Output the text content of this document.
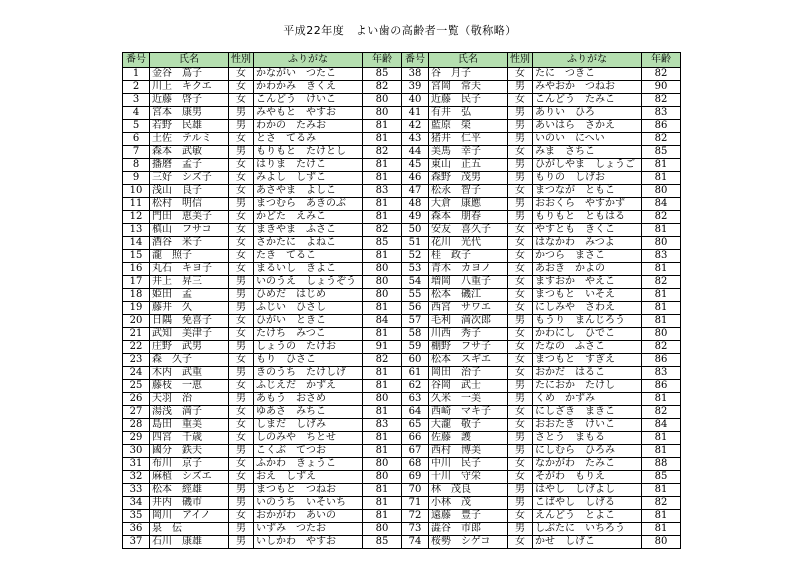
平成22年度　よい歯の高齢者一覧（敬称略）
番号	氏名	性別	ふりがな	年齢
1	金谷　蔦子	女	かながい　つたこ	85
2	川上　キクエ	女	かわかみ　きくえ	82
3	近藤　啓子	女	こんどう　けいこ	80
4	宮本　康男	男	みやもと　やすお	80
5	若野　民雄	男	わかの　たみお	81
6	土佐　テルミ	女	とさ　てるみ	81
7	森本　武敏	男	もりもと　たけとし	82
8	播磨　孟子	女	はりま　たけこ	81
9	三好　シズ子	女	みよし　しずこ	81
10	浅山　良子	女	あさやま　よしこ	83
11	松村　明信	男	まつむら　あきのぶ	81
12	門田　恵美子	女	かどた　えみこ	81
13	槙山　フサコ	女	まきやま　ふさこ	82
14	酒谷　米子	女	さかたに　よねこ	85
15	瀧　照子	女	たき　てるこ	81
16	丸石　キヨ子	女	まるいし　きよこ	80
17	井上　昇三	男	いのうえ　しょうぞう	80
18	姫田　孟	男	ひめだ　はじめ	80
19	藤井　久	男	ふじい　ひさし	81
20	日隅　免喜子	女	ひがい　ときこ	84
21	武知　美津子	女	たけち　みつこ	81
22	庄野　武男	男	しょうの　たけお	91
23	森　久子	女	もり　ひさこ	82
24	木内　武重	男	きのうち　たけしげ	81
25	藤枝　一恵	女	ふじえだ　かずえ	81
26	天羽　治	男	あもう　おさめ	80
27	湯浅　満子	女	ゆあさ　みちこ	81
28	島田　重美	女	しまだ　しげみ	83
29	四宮　千歳	女	しのみや　ちとせ	81
30	國分　鉄夫	男	こくぶ　てつお	81
31	布川　京子	女	ふかわ　きょうこ	80
32	麻植　シズエ	女	おえ　しずえ	80
33	松本　經雄	男	まつもと　つねお	81
34	井内　磯市	男	いのうち　いそいち	81
35	岡川　アイノ	女	おかがわ　あいの	81
36	泉　伝	男	いずみ　つたお	80
37	石川　康雄	男	いしかわ　やすお	85
番号	氏名	性別	ふりがな	年齢
38	谷　月子	女	たに　つきこ	82
39	宮岡　常夫	男	みやおか　つねお	90
40	近藤　民子	女	こんどう　たみこ	82
41	有井　弘	男	ありい　ひろ	83
42	藍原　榮	男	あいはら　さかえ	86
43	猪井　仁平	男	いのい　にへい	82
44	美馬　幸子	女	みま　さちこ	85
45	東山　正五	男	ひがしやま　しょうご	81
46	森野　茂男	男	もりの　しげお	81
47	松永　智子	女	まつなが　ともこ	80
48	大倉　康應	男	おおくら　やすかず	84
49	森本　朋春	男	もりもと　ともはる	82
50	安友　喜久子	女	やすとも　きくこ	81
51	花川　光代	女	はなかわ　みつよ	80
52	桂　政子	女	かつら　まさこ	83
53	青木　カヨノ	女	あおき　かよの	81
54	増岡　八重子	女	ますおか　やえこ	82
55	松本　磯江	女	まつもと　いそえ	81
56	西宮　サワエ	女	にしみや　さわえ	81
57	毛利　満次郎	男	もうり　まんじろう	81
58	川西　秀子	女	かわにし　ひでこ	80
59	棚野　フサ子	女	たなの　ふさこ	82
60	松本　スギエ	女	まつもと　すぎえ	86
61	岡田　治子	女	おかだ　はるこ	83
62	谷岡　武士	男	たにおか　たけし	86
63	久米　一美	男	くめ　かずみ	81
64	西崎　マキ子	女	にしざき　まきこ	82
65	大瀧　敬子	女	おおたき　けいこ	84
66	佐藤　護	男	さとう　まもる	81
67	西村　博美	男	にしむら　ひろみ	81
68	中川　民子	女	なかがわ　たみこ	88
69	十川　守栄	女	そがわ　もりえ	85
70	林　茂良	男	はやし　しげよし	81
71	小林　茂	男	こばやし　しげる	82
72	遠藤　豊子	女	えんどう　とよこ	81
73	澁谷　市郎	男	しぶたに　いちろう	81
74	桜勢　シゲコ	女	かせ　しげこ	80
